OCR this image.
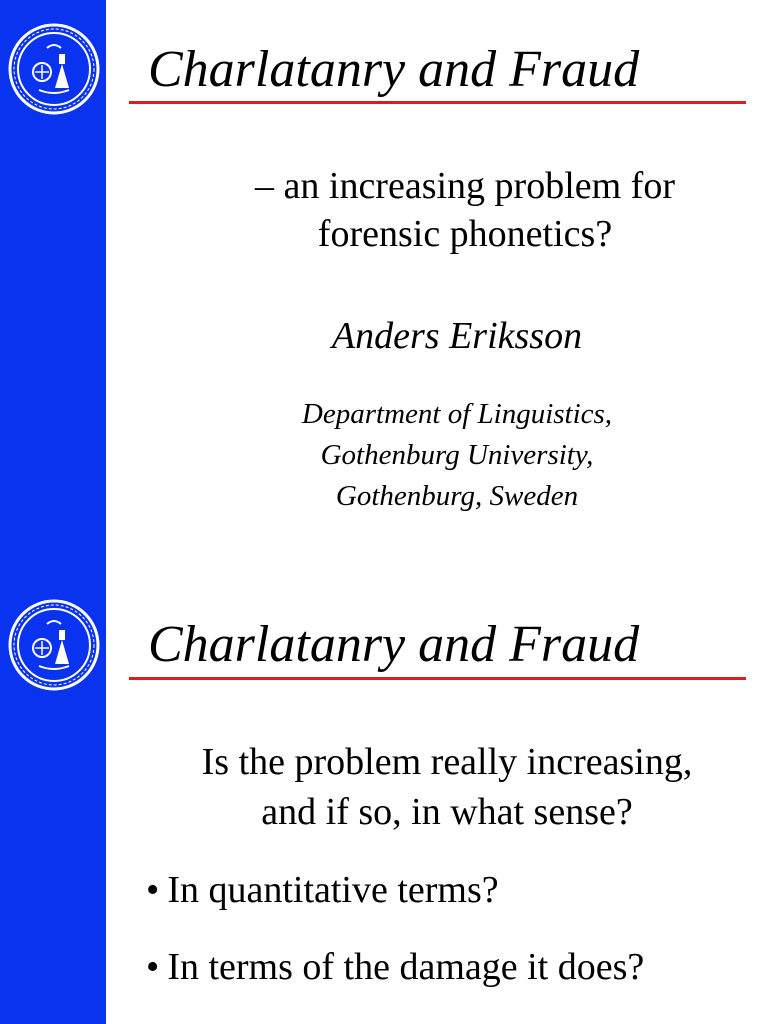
Charlatanry and Fraud
– an increasing problem for
forensic phonetics?
Anders Eriksson
Department of Linguistics,
Gothenburg University,
Gothenburg, Sweden
Charlatanry and Fraud
Is the problem really increasing,
and if so, in what sense?
• In quantitative terms?
• In terms of the damage it does?
